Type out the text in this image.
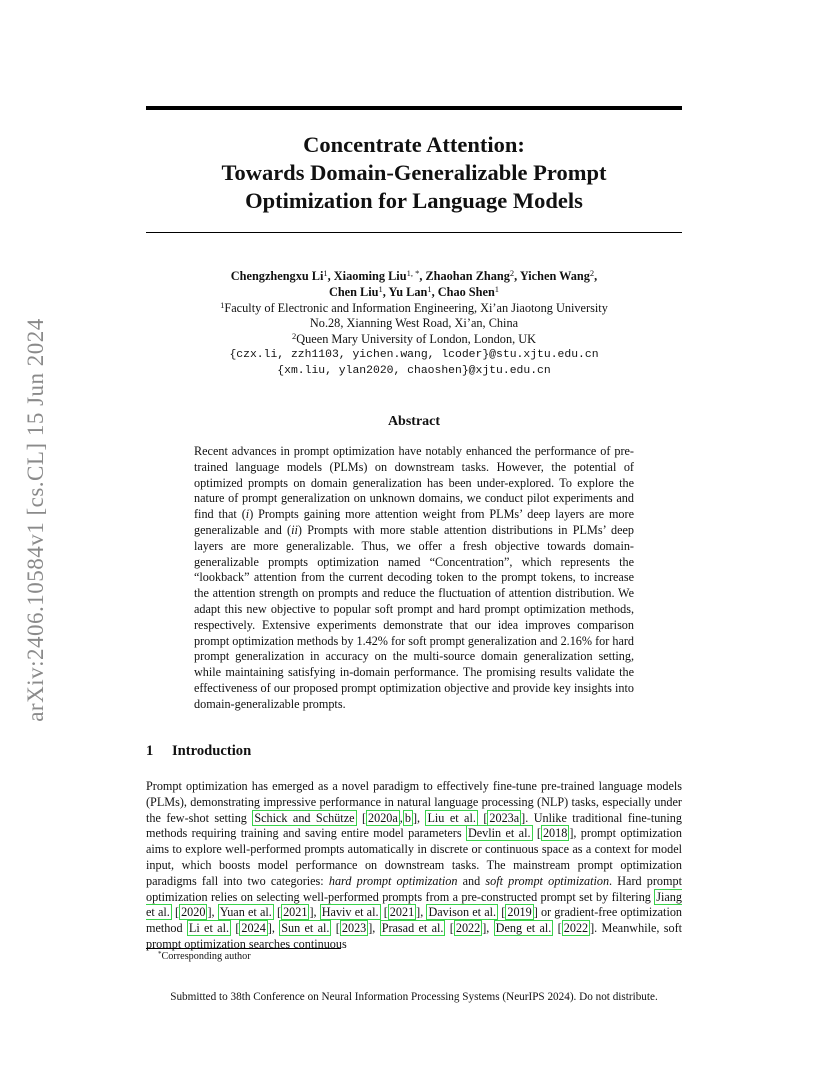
arXiv:2406.10584v1 [cs.CL] 15 Jun 2024
Concentrate Attention:
Towards Domain-Generalizable Prompt
Optimization for Language Models
Chengzhengxu Li$^1$, Xiaoming Liu$^{1, *}$, Zhaohan Zhang$^2$, Yichen Wang$^2$,
Chen Liu$^1$, Yu Lan$^1$, Chao Shen$^1$
$^1$Faculty of Electronic and Information Engineering, Xi’an Jiaotong University
No.28, Xianning West Road, Xi’an, China
$^2$Queen Mary University of London, London, UK
{czx.li, zzh1103, yichen.wang, lcoder}@stu.xjtu.edu.cn
{xm.liu, ylan2020, chaoshen}@xjtu.edu.cn
Abstract
Recent advances in prompt optimization have notably enhanced the performance of pre-trained language models (PLMs) on downstream tasks. However, the potential of optimized prompts on domain generalization has been under-explored. To explore the nature of prompt generalization on unknown domains, we conduct pilot experiments and find that (i) Prompts gaining more attention weight from PLMs’ deep layers are more generalizable and (ii) Prompts with more stable attention distributions in PLMs’ deep layers are more generalizable. Thus, we offer a fresh objective towards domain-generalizable prompts optimization named “Concentration”, which represents the “lookback” attention from the current decoding token to the prompt tokens, to increase the attention strength on prompts and reduce the fluctuation of attention distribution. We adapt this new objective to popular soft prompt and hard prompt optimization methods, respectively. Extensive experiments demonstrate that our idea improves comparison prompt optimization methods by 1.42% for soft prompt generalization and 2.16% for hard prompt generalization in accuracy on the multi-source domain generalization setting, while maintaining satisfying in-domain performance. The promising results validate the effectiveness of our proposed prompt optimization objective and provide key insights into domain-generalizable prompts.
1 Introduction
Prompt optimization has emerged as a novel paradigm to effectively fine-tune pre-trained language models (PLMs), demonstrating impressive performance in natural language processing (NLP) tasks, especially under the few-shot setting Schick and Schütze [ 2020a , b ], Liu et al. [ 2023a ]. Unlike traditional fine-tuning methods requiring training and saving entire model parameters Devlin et al. [ 2018 ], prompt optimization aims to explore well-performed prompts automatically in discrete or continuous space as a context for model input, which boosts model performance on downstream tasks. The mainstream prompt optimization paradigms fall into two categories: hard prompt optimization and soft prompt optimization. Hard prompt optimization relies on selecting well-performed prompts from a pre-constructed prompt set by filtering Jiang et al. [ 2020 ], Yuan et al. [ 2021 ], Haviv et al. [ 2021 ], Davison et al. [ 2019 ] or gradient-free optimization method Li et al. [ 2024 ], Sun et al. [ 2023 ], Prasad et al. [ 2022 ], Deng et al. [ 2022 ]. Meanwhile, soft prompt optimization searches continuous
*Corresponding author
Submitted to 38th Conference on Neural Information Processing Systems (NeurIPS 2024). Do not distribute.
